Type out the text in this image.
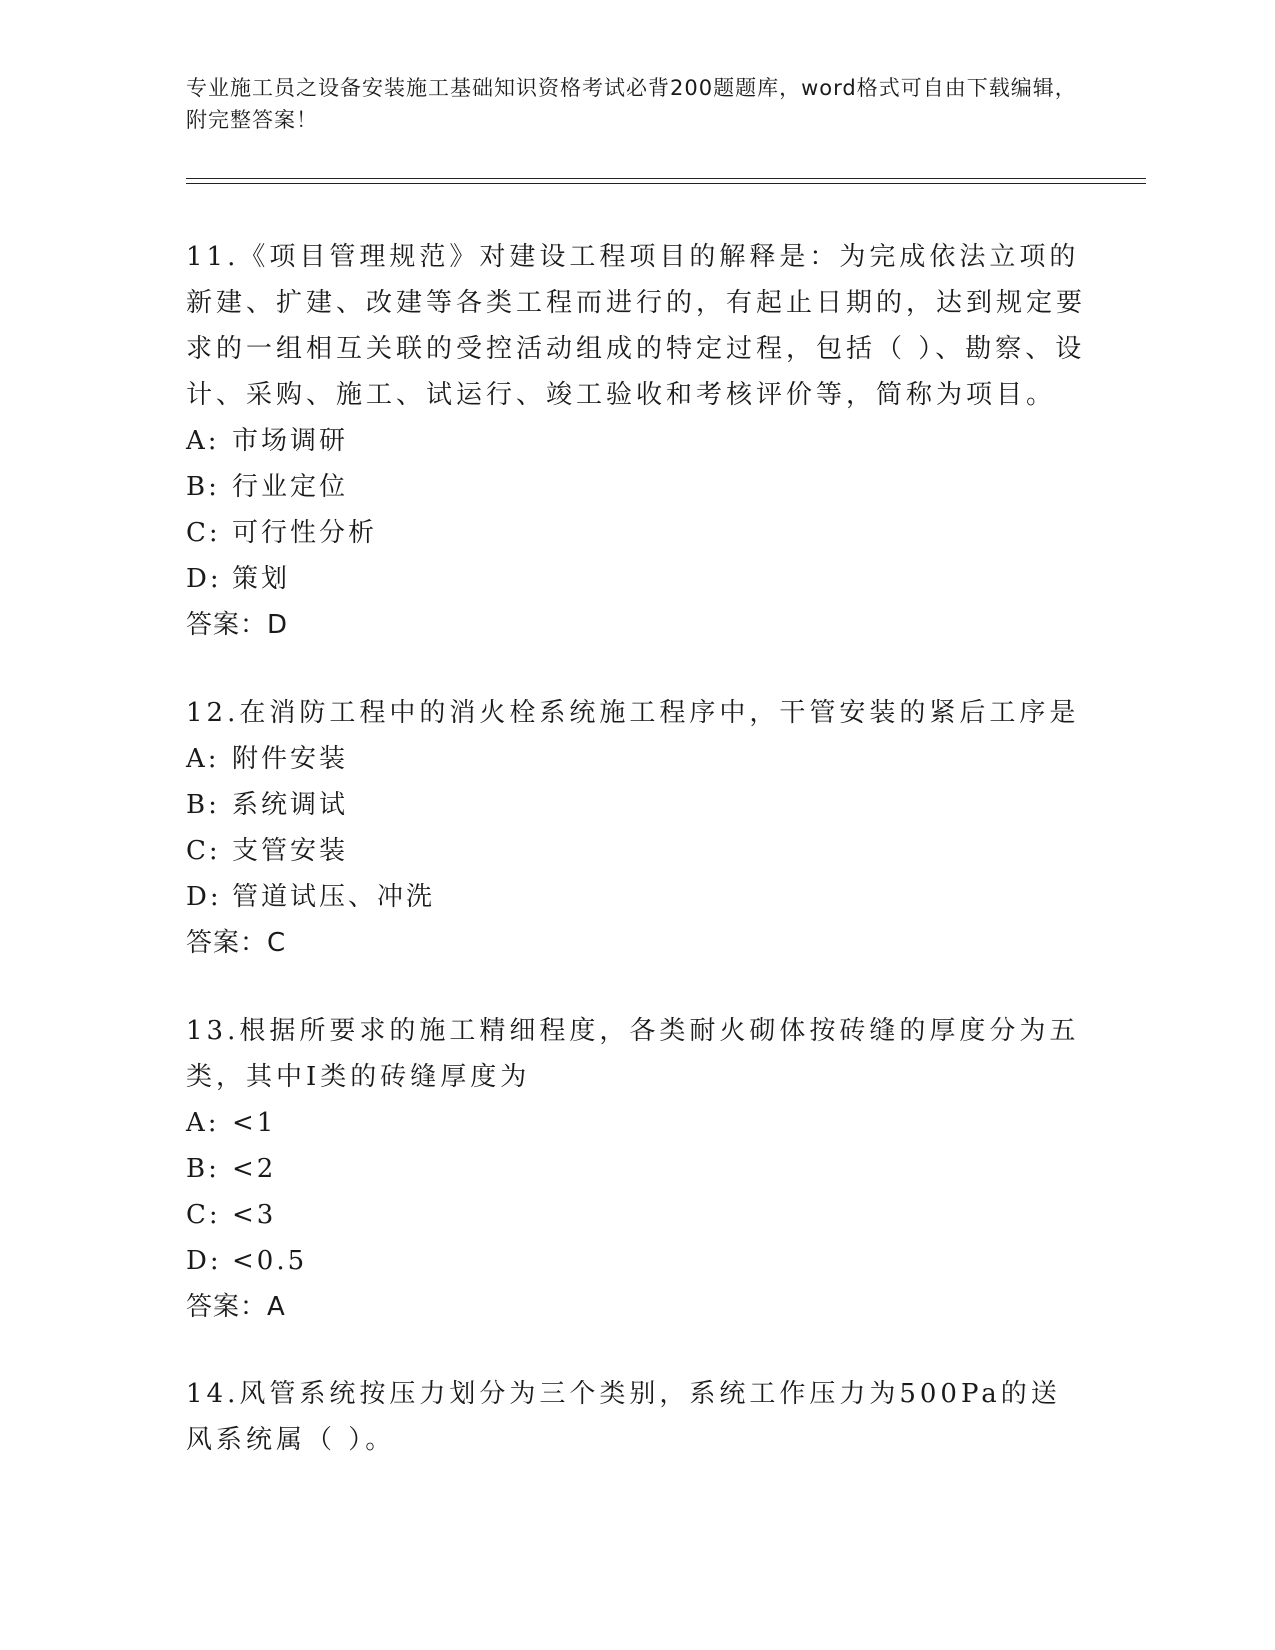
专业施工员之设备安装施工基础知识资格考试必背200题题库，word格式可自由下载编辑，附完整答案！

11.《项目管理规范》对建设工程项目的解释是：为完成依法立项的新建、扩建、改建等各类工程而进行的，有起止日期的，达到规定要求的一组相互关联的受控活动组成的特定过程，包括（ ）、勘察、设计、采购、施工、试运行、竣工验收和考核评价等，简称为项目。

A: 市场调研
B: 行业定位
C: 可行性分析
D: 策划
答案：D

12.在消防工程中的消火栓系统施工程序中，干管安装的紧后工序是

A: 附件安装
B: 系统调试
C: 支管安装
D: 管道试压、冲洗
答案：C

13.根据所要求的施工精细程度，各类耐火砌体按砖缝的厚度分为五类，其中Ⅰ类的砖缝厚度为

A: <1
B: <2
C: <3
D: <0.5
答案：A

14.风管系统按压力划分为三个类别，系统工作压力为500Pa的送风系统属（ ）。
